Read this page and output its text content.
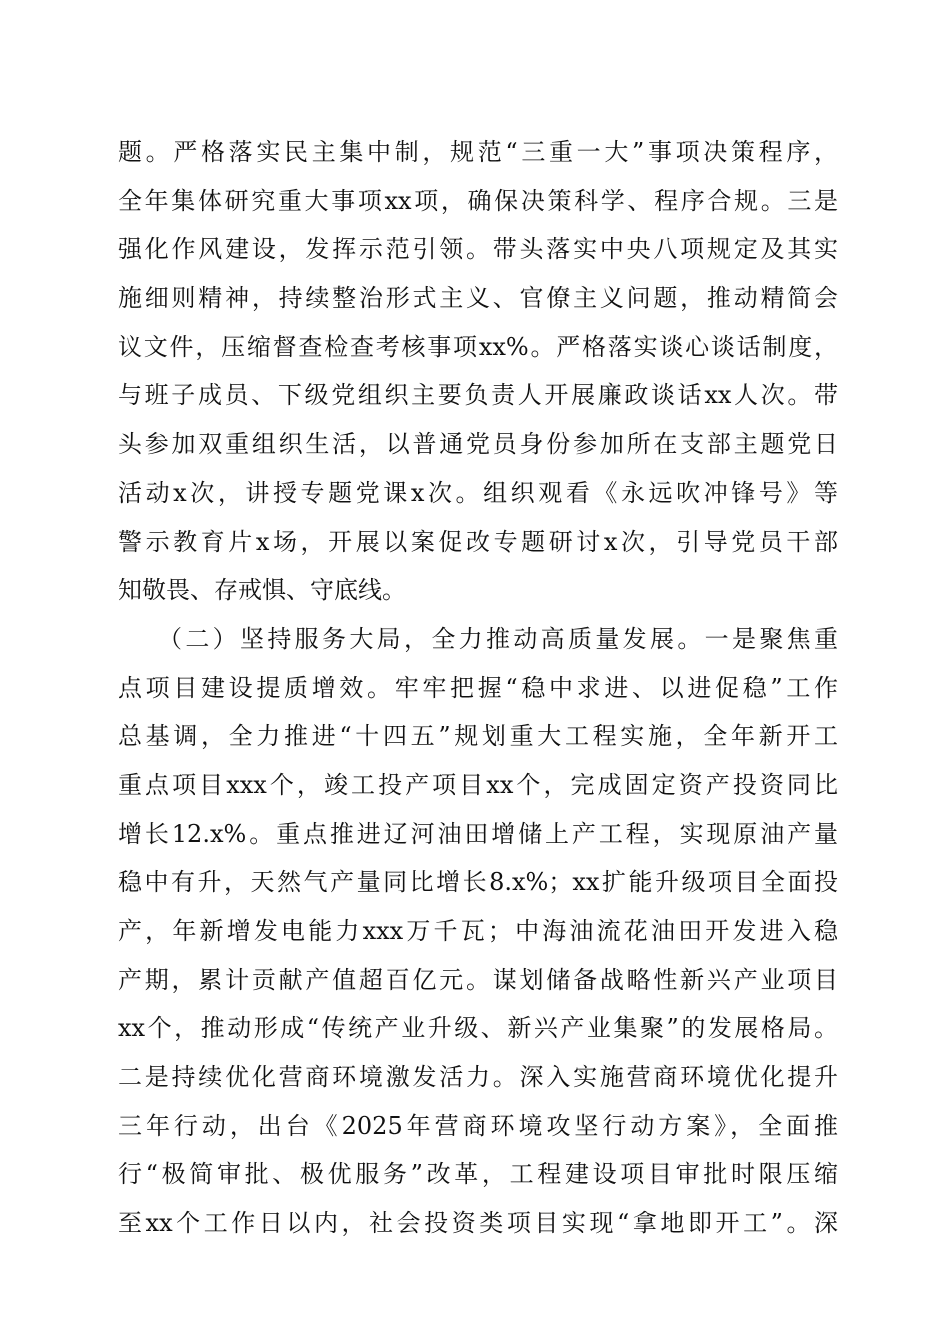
题。严格落实民主集中制，规范“三重一大”事项决策程序，
全年集体研究重大事项xx项，确保决策科学、程序合规。三是
强化作风建设，发挥示范引领。带头落实中央八项规定及其实
施细则精神，持续整治形式主义、官僚主义问题，推动精简会
议文件，压缩督查检查考核事项xx%。严格落实谈心谈话制度，
与班子成员、下级党组织主要负责人开展廉政谈话xx人次。带
头参加双重组织生活，以普通党员身份参加所在支部主题党日
活动x次，讲授专题党课x次。组织观看《永远吹冲锋号》等
警示教育片x场，开展以案促改专题研讨x次，引导党员干部
知敬畏、存戒惧、守底线。
（二）坚持服务大局，全力推动高质量发展。一是聚焦重
点项目建设提质增效。牢牢把握“稳中求进、以进促稳”工作
总基调，全力推进“十四五”规划重大工程实施，全年新开工
重点项目xxx个，竣工投产项目xx个，完成固定资产投资同比
增长12.x%。重点推进辽河油田增储上产工程，实现原油产量
稳中有升，天然气产量同比增长8.x%；xx扩能升级项目全面投
产，年新增发电能力xxx万千瓦；中海油流花油田开发进入稳
产期，累计贡献产值超百亿元。谋划储备战略性新兴产业项目
xx个，推动形成“传统产业升级、新兴产业集聚”的发展格局。
二是持续优化营商环境激发活力。深入实施营商环境优化提升
三年行动，出台《2025年营商环境攻坚行动方案》，全面推
行“极简审批、极优服务”改革，工程建设项目审批时限压缩
至xx个工作日以内，社会投资类项目实现“拿地即开工”。深
